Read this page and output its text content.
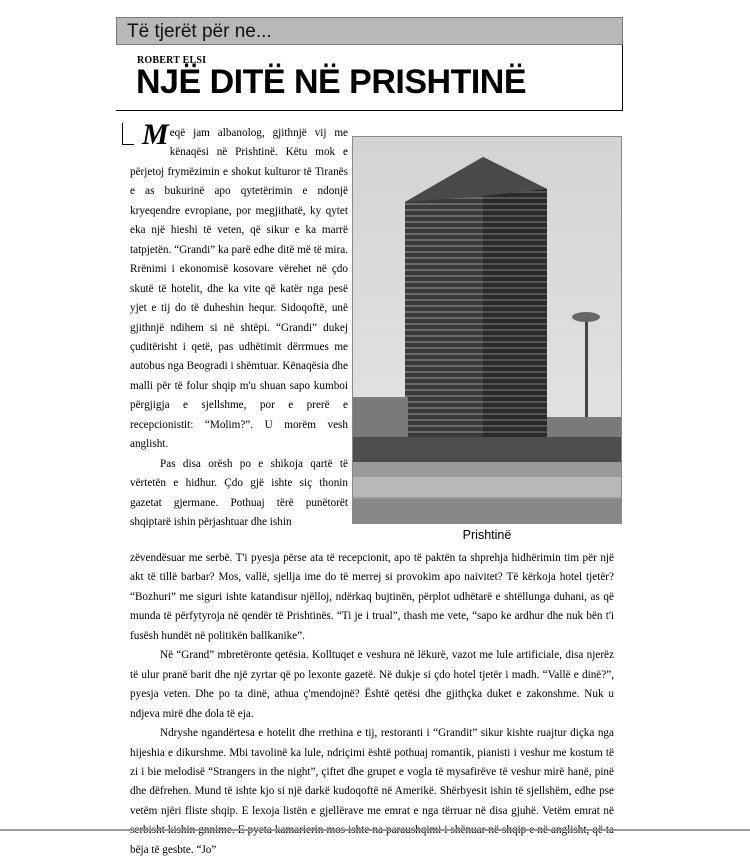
Të tjerët për ne...
ROBERT ELSI
NJË DITË NË PRISHTINË

Meqë jam albanolog, gjithnjë vij me kënaqësi në Prishtinë. Këtu mok e përjetoj frymëzimin e shokut kulturor të Tiranës e as bukurinë apo qytetërimin e ndonjë kryeqendre evropiane, por megjithatë, ky qytet eka një hieshi të veten, që sikur e ka marrë tatpjetën. “Grandi” ka parë edhe ditë më të mira. Rrënimi i ekonomisë kosovare vërehet në çdo skutë të hotelit, dhe ka vite që katër nga pesë yjet e tij do të duheshin hequr. Sidoqoftë, unë gjithnjë ndihem si në shtëpi. “Grandi” dukej çuditërisht i qetë, pas udhëtimit dërrmues me autobus nga Beogradi i shëmtuar. Kënaqësia dhe malli për të folur shqip m'u shuan sapo kumboi përgjigja e sjellshme, por e prerë e recepcionistit: “Molim?”. U morëm vesh anglisht.

Pas disa orësh po e shikoja qartë të vërtetën e hidhur. Çdo gjë ishte siç thonin gazetat gjermane. Pothuaj tërë punëtorët shqiptarë ishin përjashtuar dhe ishin

Prishtinë

zëvendësuar me serbë. T'i pyesja përse ata të recepcionit, apo të paktën ta shprehja hidhërimin tim për një akt të tillë barbar? Mos, vallë, sjellja ime do të merrej si provokim apo naivitet? Të kërkoja hotel tjetër? “Bozhuri” me siguri ishte katandisur njëlloj, ndërkaq bujtinën, përplot udhëtarë e shtëllunga duhani, as që munda të përfytyroja në qendër të Prishtinës. “Ti je i trual”, thash me vete, “sapo ke ardhur dhe nuk bën t'i fusësh hundët në politikën ballkanike”.

Në “Grand” mbretëronte qetësia. Kolltuqet e veshura në lëkurë, vazot me lule artificiale, disa njerëz të ulur pranë barit dhe një zyrtar që po lexonte gazetë. Në dukje si çdo hotel tjetër i madh. “Vallë e dinë?”, pyesja veten. Dhe po ta dinë, athua ç'mendojnë? Është qetësi dhe gjithçka duket e zakonshme. Nuk u ndjeva mirë dhe dola të eja.

Ndryshe ngandërtesa e hotelit dhe rrethina e tij, restoranti i “Grandit” sikur kishte ruajtur diçka nga hijeshia e dikurshme. Mbi tavolinë ka lule, ndriçimi është pothuaj romantik, pianisti i veshur me kostum të zi i bie melodisë “Strangers in the night”, çiftet dhe grupet e vogla të mysafirëve të veshur mirë hanë, pinë dhe dëfrehen. Mund të ishte kjo si një darkë kudoqoftë në Amerikë. Shërbyesit ishin të sjellshëm, edhe pse vetëm njëri fliste shqip. E lexoja listën e gjellërave me emrat e nga tërruar në disa gjuhë. Vetëm emrat në bëja të gesbte. “Jo”
